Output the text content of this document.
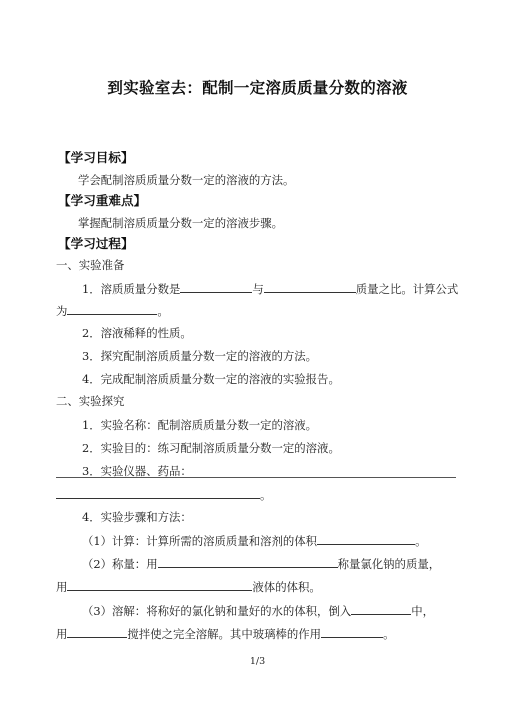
到实验室去：配制一定溶质质量分数的溶液
【学习目标】
学会配制溶质质量分数一定的溶液的方法。
【学习重难点】
掌握配制溶质质量分数一定的溶液步骤。
【学习过程】
一、实验准备
1．溶质质量分数是	与	质量之比。计算公式
为	。
2．溶液稀释的性质。
3．探究配制溶质质量分数一定的溶液的方法。
4．完成配制溶质质量分数一定的溶液的实验报告。
二、实验探究
1．实验名称：配制溶质质量分数一定的溶液。
2．实验目的：练习配制溶质质量分数一定的溶液。
3．实验仪器、药品：
。
4．实验步骤和方法：
（1）计算：计算所需的溶质质量和溶剂的体积	。
（2）称量：用	称量氯化钠的质量，
用	液体的体积。
（3）溶解：将称好的氯化钠和量好的水的体积，倒入	中，
用	搅拌使之完全溶解。其中玻璃棒的作用	。
1/3
